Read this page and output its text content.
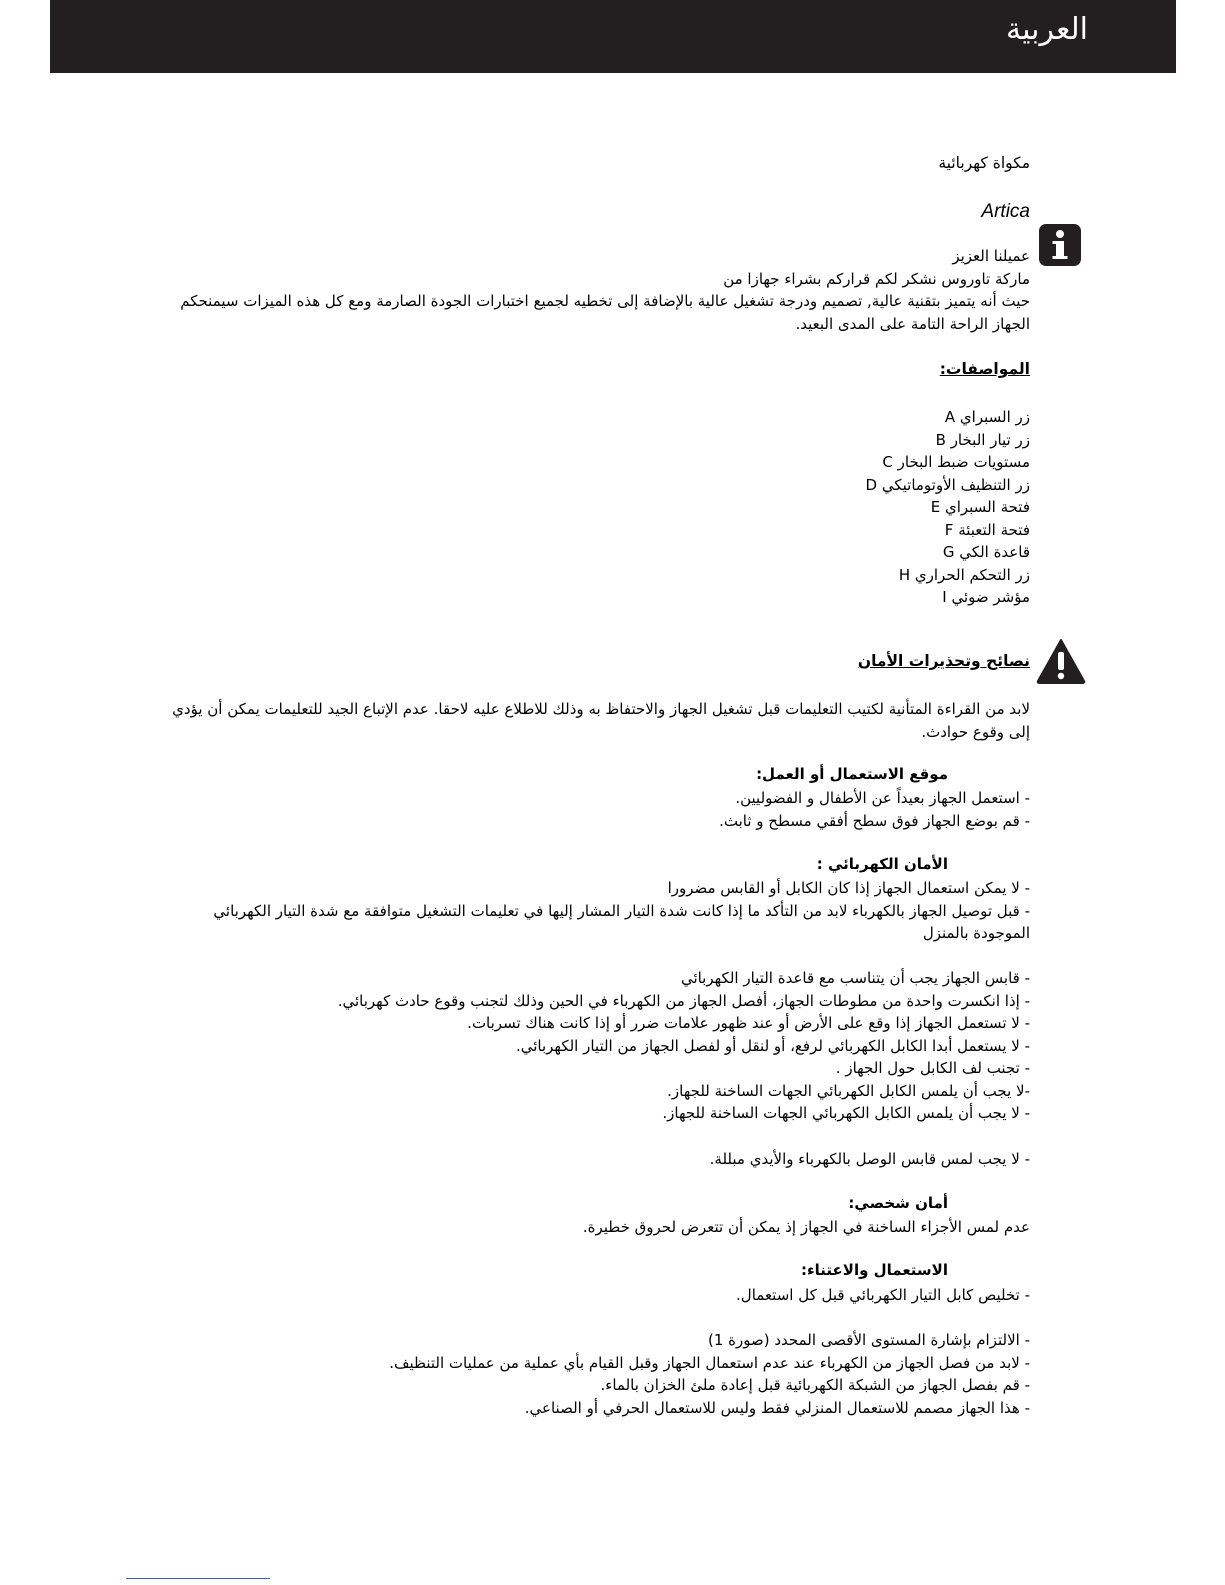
العربية
مكواة كهربائية
Artica
عميلنا العزيز
ماركة تاوروس نشكر لكم قراركم بشراء جهازا من
حيث أنه يتميز بتقنية عالية, تصميم ودرجة تشغيل عالية بالإضافة إلى تخطيه لجميع اختبارات الجودة الصارمة ومع كل هذه الميزات سيمنحكم
الجهاز الراحة التامة على المدى البعيد.
المواصفات:
زر السبراي A
زر تيار البخار B
مستويات ضبط البخار C
زر التنظيف الأوتوماتيكي D
فتحة السبراي E
فتحة التعبئة F
قاعدة الكي G
زر التحكم الحراري H
مؤشر ضوئي I
نصائح وتحذيرات الأمان
لابد من القراءة المتأنية لكتيب التعليمات قبل تشغيل الجهاز والاحتفاظ به وذلك للاطلاع عليه لاحقا. عدم الإتباع الجيد للتعليمات يمكن أن يؤدي
إلى وقوع حوادث.
موقع الاستعمال أو العمل:
- استعمل الجهاز بعيداً عن الأطفال و الفضوليين.
- قم بوضع الجهاز فوق سطح أفقي مسطح و ثابث.
الأمان الكهربائي :
- لا يمكن استعمال الجهاز إذا كان الكابل أو القابس مضرورا
- قبل توصيل الجهاز بالكهرباء لابد من التأكد ما إذا كانت شدة التيار المشار إليها في تعليمات التشغيل متوافقة مع شدة التيار الكهربائي
الموجودة بالمنزل
- قابس الجهاز يجب أن يتناسب مع قاعدة التيار الكهربائي
- إذا انكسرت واحدة من مطوطات الجهاز، أفصل الجهاز من الكهرباء في الحين وذلك لتجنب وقوع حادث كهربائي.
- لا تستعمل الجهاز إذا وقع على الأرض أو عند ظهور علامات ضرر أو إذا كانت هناك تسربات.
- لا يستعمل أبدا الكابل الكهربائي لرفع، أو لنقل أو لفصل الجهاز من التيار الكهربائي.
- تجنب لف الكابل حول الجهاز .
-لا يجب أن يلمس الكابل الكهربائي الجهات الساخنة للجهاز.
- لا يجب أن يلمس الكابل الكهربائي الجهات الساخنة للجهاز.
- لا يجب لمس قابس الوصل بالكهرباء والأيدي مبللة.
أمان شخصي:
عدم لمس الأجزاء الساخنة في الجهاز إذ يمكن أن تتعرض لحروق خطيرة.
الاستعمال والاعتناء:
- تخليص كابل التيار الكهربائي قبل كل استعمال.
- الالتزام بإشارة المستوى الأقصى المحدد (صورة 1)
- لابد من فصل الجهاز من الكهرباء عند عدم استعمال الجهاز وقبل القيام بأي عملية من عمليات التنظيف.
- قم بفصل الجهاز من الشبكة الكهربائية قبل إعادة ملئ الخزان بالماء.
- هذا الجهاز مصمم للاستعمال المنزلي فقط وليس للاستعمال الحرفي أو الصناعي.
